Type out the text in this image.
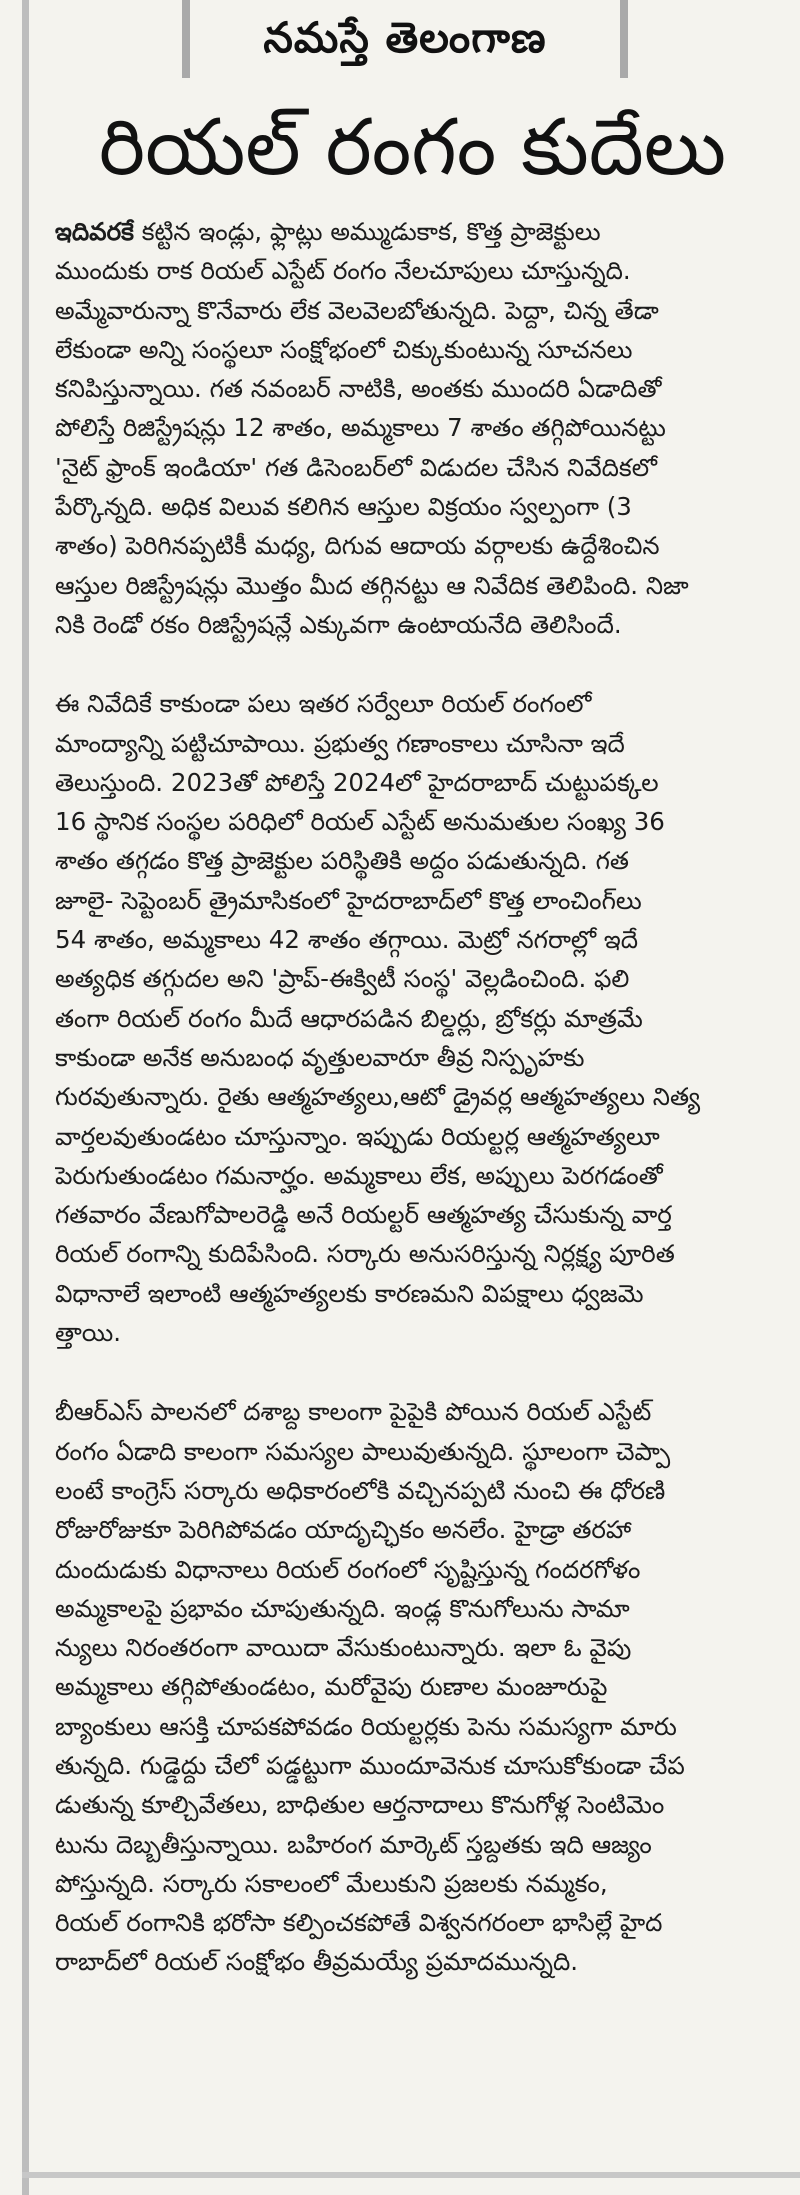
నమస్తే తెలంగాణ
రియల్ రంగం కుదేలు

ఇదివరకే కట్టిన ఇండ్లు, ఫ్లాట్లు అమ్ముడుకాక, కొత్త ప్రాజెక్టులు
ముందుకు రాక రియల్ ఎస్టేట్ రంగం నేలచూపులు చూస్తున్నది.
అమ్మేవారున్నా కొనేవారు లేక వెలవెలబోతున్నది. పెద్దా, చిన్న తేడా
లేకుండా అన్ని సంస్థలూ సంక్షోభంలో చిక్కుకుంటున్న సూచనలు
కనిపిస్తున్నాయి. గత నవంబర్ నాటికి, అంతకు ముందరి ఏడాదితో
పోలిస్తే రిజిస్ట్రేషన్లు 12 శాతం, అమ్మకాలు 7 శాతం తగ్గిపోయినట్టు
'నైట్ ఫ్రాంక్ ఇండియా' గత డిసెంబర్‌లో విడుదల చేసిన నివేదికలో
పేర్కొన్నది. అధిక విలువ కలిగిన ఆస్తుల విక్రయం స్వల్పంగా (3
శాతం) పెరిగినప్పటికీ మధ్య, దిగువ ఆదాయ వర్గాలకు ఉద్దేశించిన
ఆస్తుల రిజిస్ట్రేషన్లు మొత్తం మీద తగ్గినట్టు ఆ నివేదిక తెలిపింది. నిజా
నికి రెండో రకం రిజిస్ట్రేషన్లే ఎక్కువగా ఉంటాయనేది తెలిసిందే.

ఈ నివేదికే కాకుండా పలు ఇతర సర్వేలూ రియల్ రంగంలో
మాంద్యాన్ని పట్టిచూపాయి. ప్రభుత్వ గణాంకాలు చూసినా ఇదే
తెలుస్తుంది. 2023తో పోలిస్తే 2024లో హైదరాబాద్ చుట్టుపక్కల
16 స్థానిక సంస్థల పరిధిలో రియల్ ఎస్టేట్ అనుమతుల సంఖ్య 36
శాతం తగ్గడం కొత్త ప్రాజెక్టుల పరిస్థితికి అద్దం పడుతున్నది. గత
జూలై- సెప్టెంబర్ త్రైమాసికంలో హైదరాబాద్‌లో కొత్త లాంచింగ్‌లు
54 శాతం, అమ్మకాలు 42 శాతం తగ్గాయి. మెట్రో నగరాల్లో ఇదే
అత్యధిక తగ్గుదల అని 'ప్రాప్-ఈక్విటీ సంస్థ' వెల్లడించింది. ఫలి
తంగా రియల్ రంగం మీదే ఆధారపడిన బిల్డర్లు, బ్రోకర్లు మాత్రమే
కాకుండా అనేక అనుబంధ వృత్తులవారూ తీవ్ర నిస్పృహకు
గురవుతున్నారు. రైతు ఆత్మహత్యలు,ఆటో డ్రైవర్ల ఆత్మహత్యలు నిత్య
వార్తలవుతుండటం చూస్తున్నాం. ఇప్పుడు రియల్టర్ల ఆత్మహత్యలూ
పెరుగుతుండటం గమనార్హం. అమ్మకాలు లేక, అప్పులు పెరగడంతో
గతవారం వేణుగోపాలరెడ్డి అనే రియల్టర్ ఆత్మహత్య చేసుకున్న వార్త
రియల్ రంగాన్ని కుదిపేసింది. సర్కారు అనుసరిస్తున్న నిర్లక్ష్య పూరిత
విధానాలే ఇలాంటి ఆత్మహత్యలకు కారణమని విపక్షాలు ధ్వజమె
త్తాయి.

బీఆర్ఎస్ పాలనలో దశాబ్ద కాలంగా పైపైకి పోయిన రియల్ ఎస్టేట్
రంగం ఏడాది కాలంగా సమస్యల పాలువుతున్నది. స్థూలంగా చెప్పా
లంటే కాంగ్రెస్ సర్కారు అధికారంలోకి వచ్చినప్పటి నుంచి ఈ ధోరణి
రోజురోజుకూ పెరిగిపోవడం యాదృచ్ఛికం అనలేం. హైడ్రా తరహా
దుందుడుకు విధానాలు రియల్ రంగంలో సృష్టిస్తున్న గందరగోళం
అమ్మకాలపై ప్రభావం చూపుతున్నది. ఇండ్ల కొనుగోలును సామా
న్యులు నిరంతరంగా వాయిదా వేసుకుంటున్నారు. ఇలా ఓ వైపు
అమ్మకాలు తగ్గిపోతుండటం, మరోవైపు రుణాల మంజూరుపై
బ్యాంకులు ఆసక్తి చూపకపోవడం రియల్టర్లకు పెను సమస్యగా మారు
తున్నది. గుడ్డెద్దు చేలో పడ్డట్టుగా ముందూవెనుక చూసుకోకుండా చేప
డుతున్న కూల్చివేతలు, బాధితుల ఆర్తనాదాలు కొనుగోళ్ల సెంటిమెం
టును దెబ్బతీస్తున్నాయి. బహిరంగ మార్కెట్ స్తబ్దతకు ఇది ఆజ్యం
పోస్తున్నది. సర్కారు సకాలంలో మేలుకుని ప్రజలకు నమ్మకం,
రియల్ రంగానికి భరోసా కల్పించకపోతే విశ్వనగరంలా భాసిల్లే హైద
రాబాద్‌లో రియల్ సంక్షోభం తీవ్రమయ్యే ప్రమాదమున్నది.
